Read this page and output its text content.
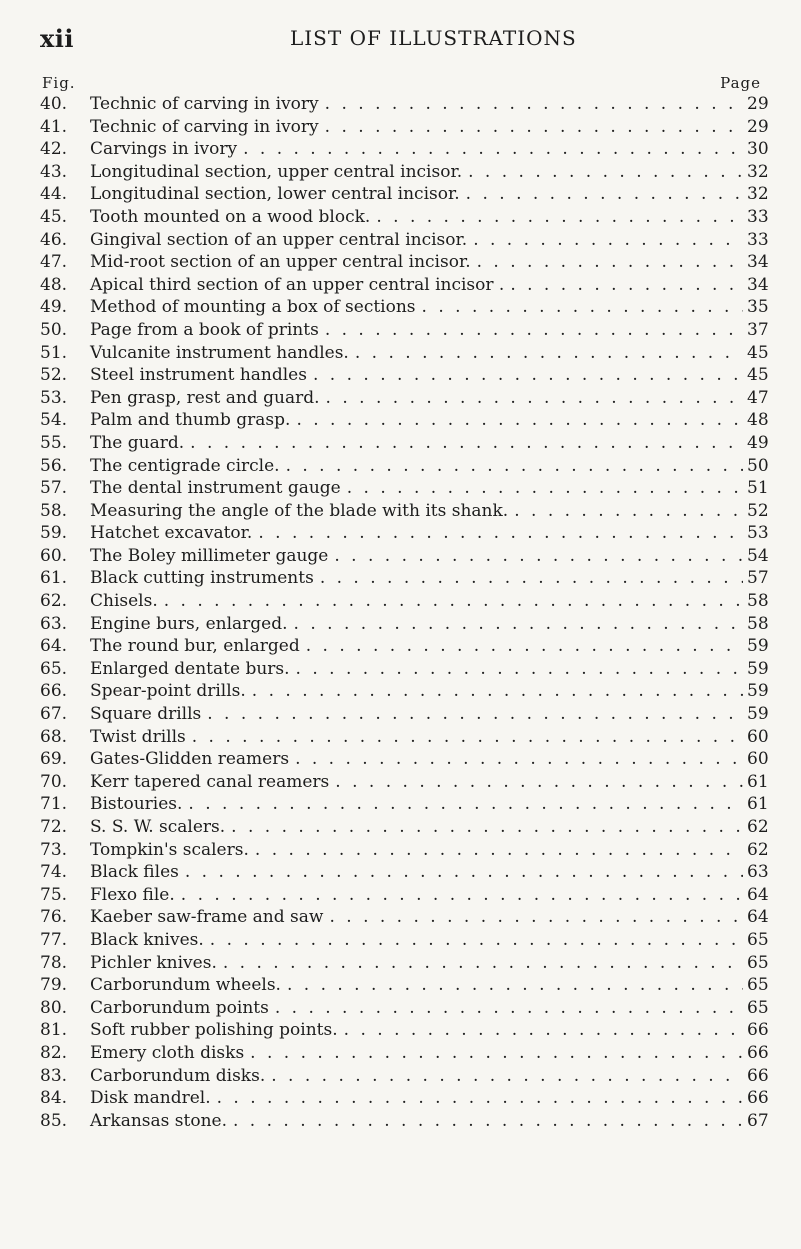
xii	LIST OF ILLUSTRATIONS
Fig.	Page
40.	Technic of carving in ivory . . .	29
41.	Technic of carving in ivory . . .	29
42.	Carvings in ivory . . .	30
43.	Longitudinal section, upper central incisor. . . .	32
44.	Longitudinal section, lower central incisor. . . .	32
45.	Tooth mounted on a wood block. . . .	33
46.	Gingival section of an upper central incisor. . . .	33
47.	Mid-root section of an upper central incisor. . . .	34
48.	Apical third section of an upper central incisor . . . .	34
49.	Method of mounting a box of sections . . .	35
50.	Page from a book of prints . . .	37
51.	Vulcanite instrument handles. . . .	45
52.	Steel instrument handles . . .	45
53.	Pen grasp, rest and guard. . . .	47
54.	Palm and thumb grasp. . . .	48
55.	The guard. . . .	49
56.	The centigrade circle. . . .	50
57.	The dental instrument gauge . . .	51
58.	Measuring the angle of the blade with its shank. . . .	52
59.	Hatchet excavator. . . .	53
60.	The Boley millimeter gauge . . .	54
61.	Black cutting instruments . . .	57
62.	Chisels. . . .	58
63.	Engine burs, enlarged. . . .	58
64.	The round bur, enlarged . . .	59
65.	Enlarged dentate burs. . . .	59
66.	Spear-point drills. . . .	59
67.	Square drills . . .	59
68.	Twist drills . . .	60
69.	Gates-Glidden reamers . . .	60
70.	Kerr tapered canal reamers . . .	61
71.	Bistouries. . . .	61
72.	S. S. W. scalers. . . .	62
73.	Tompkin's scalers. . . .	62
74.	Black files . . .	63
75.	Flexo file. . . .	64
76.	Kaeber saw-frame and saw . . .	64
77.	Black knives. . . .	65
78.	Pichler knives. . . .	65
79.	Carborundum wheels. . . .	65
80.	Carborundum points . . .	65
81.	Soft rubber polishing points. . . .	66
82.	Emery cloth disks . . .	66
83.	Carborundum disks. . . .	66
84.	Disk mandrel. . . .	66
85.	Arkansas stone. . . .	67
